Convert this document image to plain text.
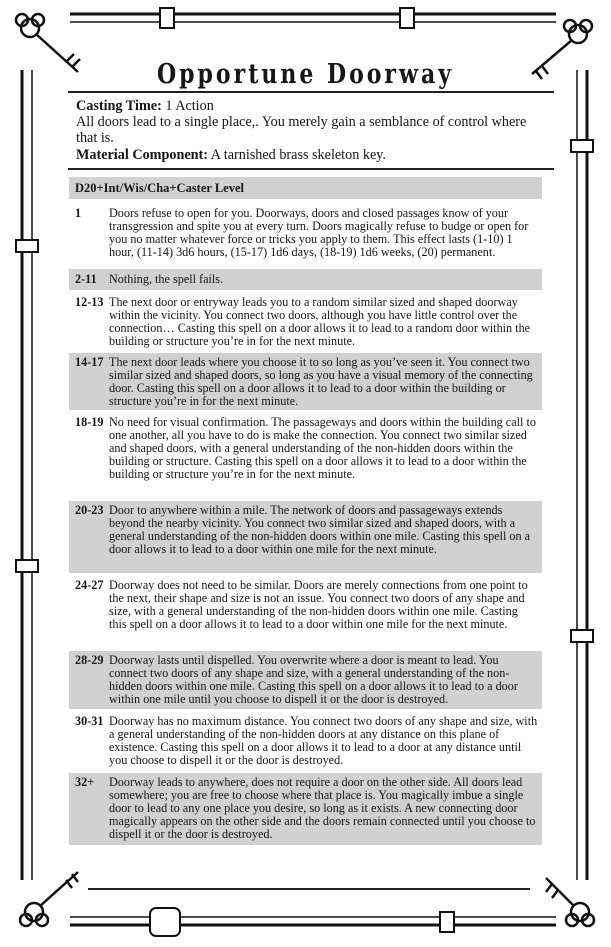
Opportune Doorway
Casting Time: 1 Action
All doors lead to a single place,. You merely gain a semblance of control where that is.
Material Component: A tarnished brass skeleton key.
D20+Int/Wis/Cha+Caster Level
1	Doors refuse to open for you. Doorways, doors and closed passages know of your transgression and spite you at every turn. Doors magically refuse to budge or open for you no matter whatever force or tricks you apply to them. This effect lasts (1-10) 1 hour, (11-14) 3d6 hours, (15-17) 1d6 days, (18-19) 1d6 weeks, (20) permanent.
2-11	Nothing, the spell fails.
12-13 The next door or entryway leads you to a random similar sized and shaped doorway within the vicinity. You connect two doors, although you have little control over the connection… Casting this spell on a door allows it to lead to a random door within the building or structure you’re in for the next minute.
14-17 The next door leads where you choose it to so long as you’ve seen it. You connect two similar sized and shaped doors, so long as you have a visual memory of the connecting door. Casting this spell on a door allows it to lead to a door within the building or structure you’re in for the next minute.
18-19 No need for visual confirmation. The passageways and doors within the building call to one another, all you have to do is make the connection. You connect two similar sized and shaped doors, with a general understanding of the non-hidden doors within the building or structure. Casting this spell on a door allows it to lead to a door within the building or structure you’re in for the next minute.
20-23 Door to anywhere within a mile. The network of doors and passageways extends beyond the nearby vicinity. You connect two similar sized and shaped doors, with a general understanding of the non-hidden doors within one mile. Casting this spell on a door allows it to lead to a door within one mile for the next minute.
24-27 Doorway does not need to be similar. Doors are merely connections from one point to the next, their shape and size is not an issue. You connect two doors of any shape and size, with a general understanding of the non-hidden doors within one mile. Casting this spell on a door allows it to lead to a door within one mile for the next minute.
28-29 Doorway lasts until dispelled. You overwrite where a door is meant to lead. You connect two doors of any shape and size, with a general understanding of the non-hidden doors within one mile. Casting this spell on a door allows it to lead to a door within one mile until you choose to dispell it or the door is destroyed.
30-31 Doorway has no maximum distance. You connect two doors of any shape and size, with a general understanding of the non-hidden doors at any distance on this plane of existence. Casting this spell on a door allows it to lead to a door at any distance until you choose to dispell it or the door is destroyed.
32+	Doorway leads to anywhere, does not require a door on the other side. All doors lead somewhere; you are free to choose where that place is. You magically imbue a single door to lead to any one place you desire, so long as it exists. A new connecting door magically appears on the other side and the doors remain connected until you choose to dispell it or the door is destroyed.
